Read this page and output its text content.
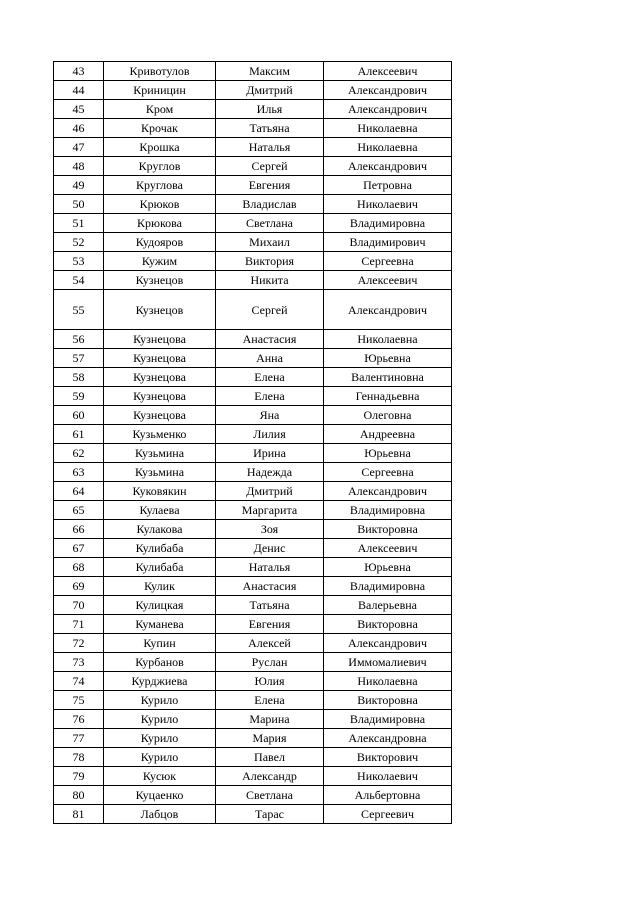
43	Кривотулов	Максим	Алексеевич
44	Криницин	Дмитрий	Александрович
45	Кром	Илья	Александрович
46	Крочак	Татьяна	Николаевна
47	Крошка	Наталья	Николаевна
48	Круглов	Сергей	Александрович
49	Круглова	Евгения	Петровна
50	Крюков	Владислав	Николаевич
51	Крюкова	Светлана	Владимировна
52	Кудояров	Михаил	Владимирович
53	Кужим	Виктория	Сергеевна
54	Кузнецов	Никита	Алексеевич
55	Кузнецов	Сергей	Александрович
56	Кузнецова	Анастасия	Николаевна
57	Кузнецова	Анна	Юрьевна
58	Кузнецова	Елена	Валентиновна
59	Кузнецова	Елена	Геннадьевна
60	Кузнецова	Яна	Олеговна
61	Кузьменко	Лилия	Андреевна
62	Кузьмина	Ирина	Юрьевна
63	Кузьмина	Надежда	Сергеевна
64	Куковякин	Дмитрий	Александрович
65	Кулаева	Маргарита	Владимировна
66	Кулакова	Зоя	Викторовна
67	Кулибаба	Денис	Алексеевич
68	Кулибаба	Наталья	Юрьевна
69	Кулик	Анастасия	Владимировна
70	Кулицкая	Татьяна	Валерьевна
71	Куманева	Евгения	Викторовна
72	Купин	Алексей	Александрович
73	Курбанов	Руслан	Иммомалиевич
74	Курджиева	Юлия	Николаевна
75	Курило	Елена	Викторовна
76	Курило	Марина	Владимировна
77	Курило	Мария	Александровна
78	Курило	Павел	Викторович
79	Кусюк	Александр	Николаевич
80	Куцаенко	Светлана	Альбертовна
81	Лабцов	Тарас	Сергеевич
